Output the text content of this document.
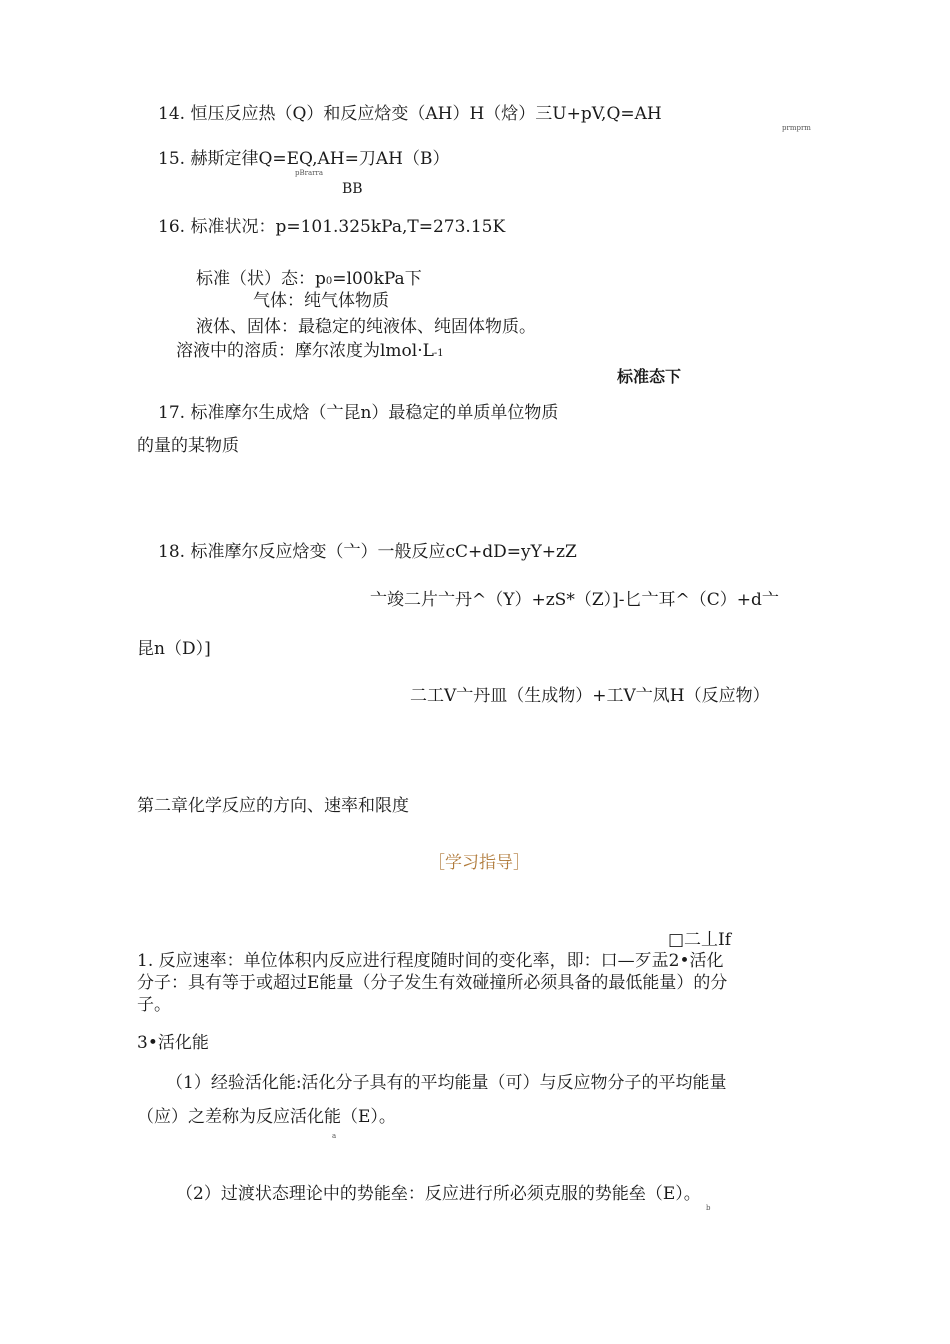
14. 恒压反应热（Q）和反应焓变（AH）H（焓）三U+pV,Q=AH
prmprm
15. 赫斯定律Q=EQ,AH=刀AH（B）
pBrarra
BB
16. 标准状况：p=101.325kPa,T=273.15K
标准（状）态：p0=l00kPa下
气体：纯气体物质
液体、固体：最稳定的纯液体、纯固体物质。
溶液中的溶质：摩尔浓度为lmol·L-1
标准态下
17. 标准摩尔生成焓（亠昆n）最稳定的单质单位物质
的量的某物质
18. 标准摩尔反应焓变（亠）一般反应cC+dD=yY+zZ
亠竣二片亠丹^（Y）+zS*（Z）]-匕亠耳^（C）+d亠
昆n（D）]
二工V亠丹皿（生成物）+工V亠凤H（反应物）
第二章化学反应的方向、速率和限度
［学习指导］
□二丄If
1. 反应速率：单位体积内反应进行程度随时间的变化率，即：口—歹盂2•活化
分子：具有等于或超过E能量（分子发生有效碰撞所必须具备的最低能量）的分
子。
3•活化能
（1）经验活化能:活化分子具有的平均能量（可）与反应物分子的平均能量
（应）之差称为反应活化能（E）。
a
（2）过渡状态理论中的势能垒：反应进行所必须克服的势能垒（E）。
b
